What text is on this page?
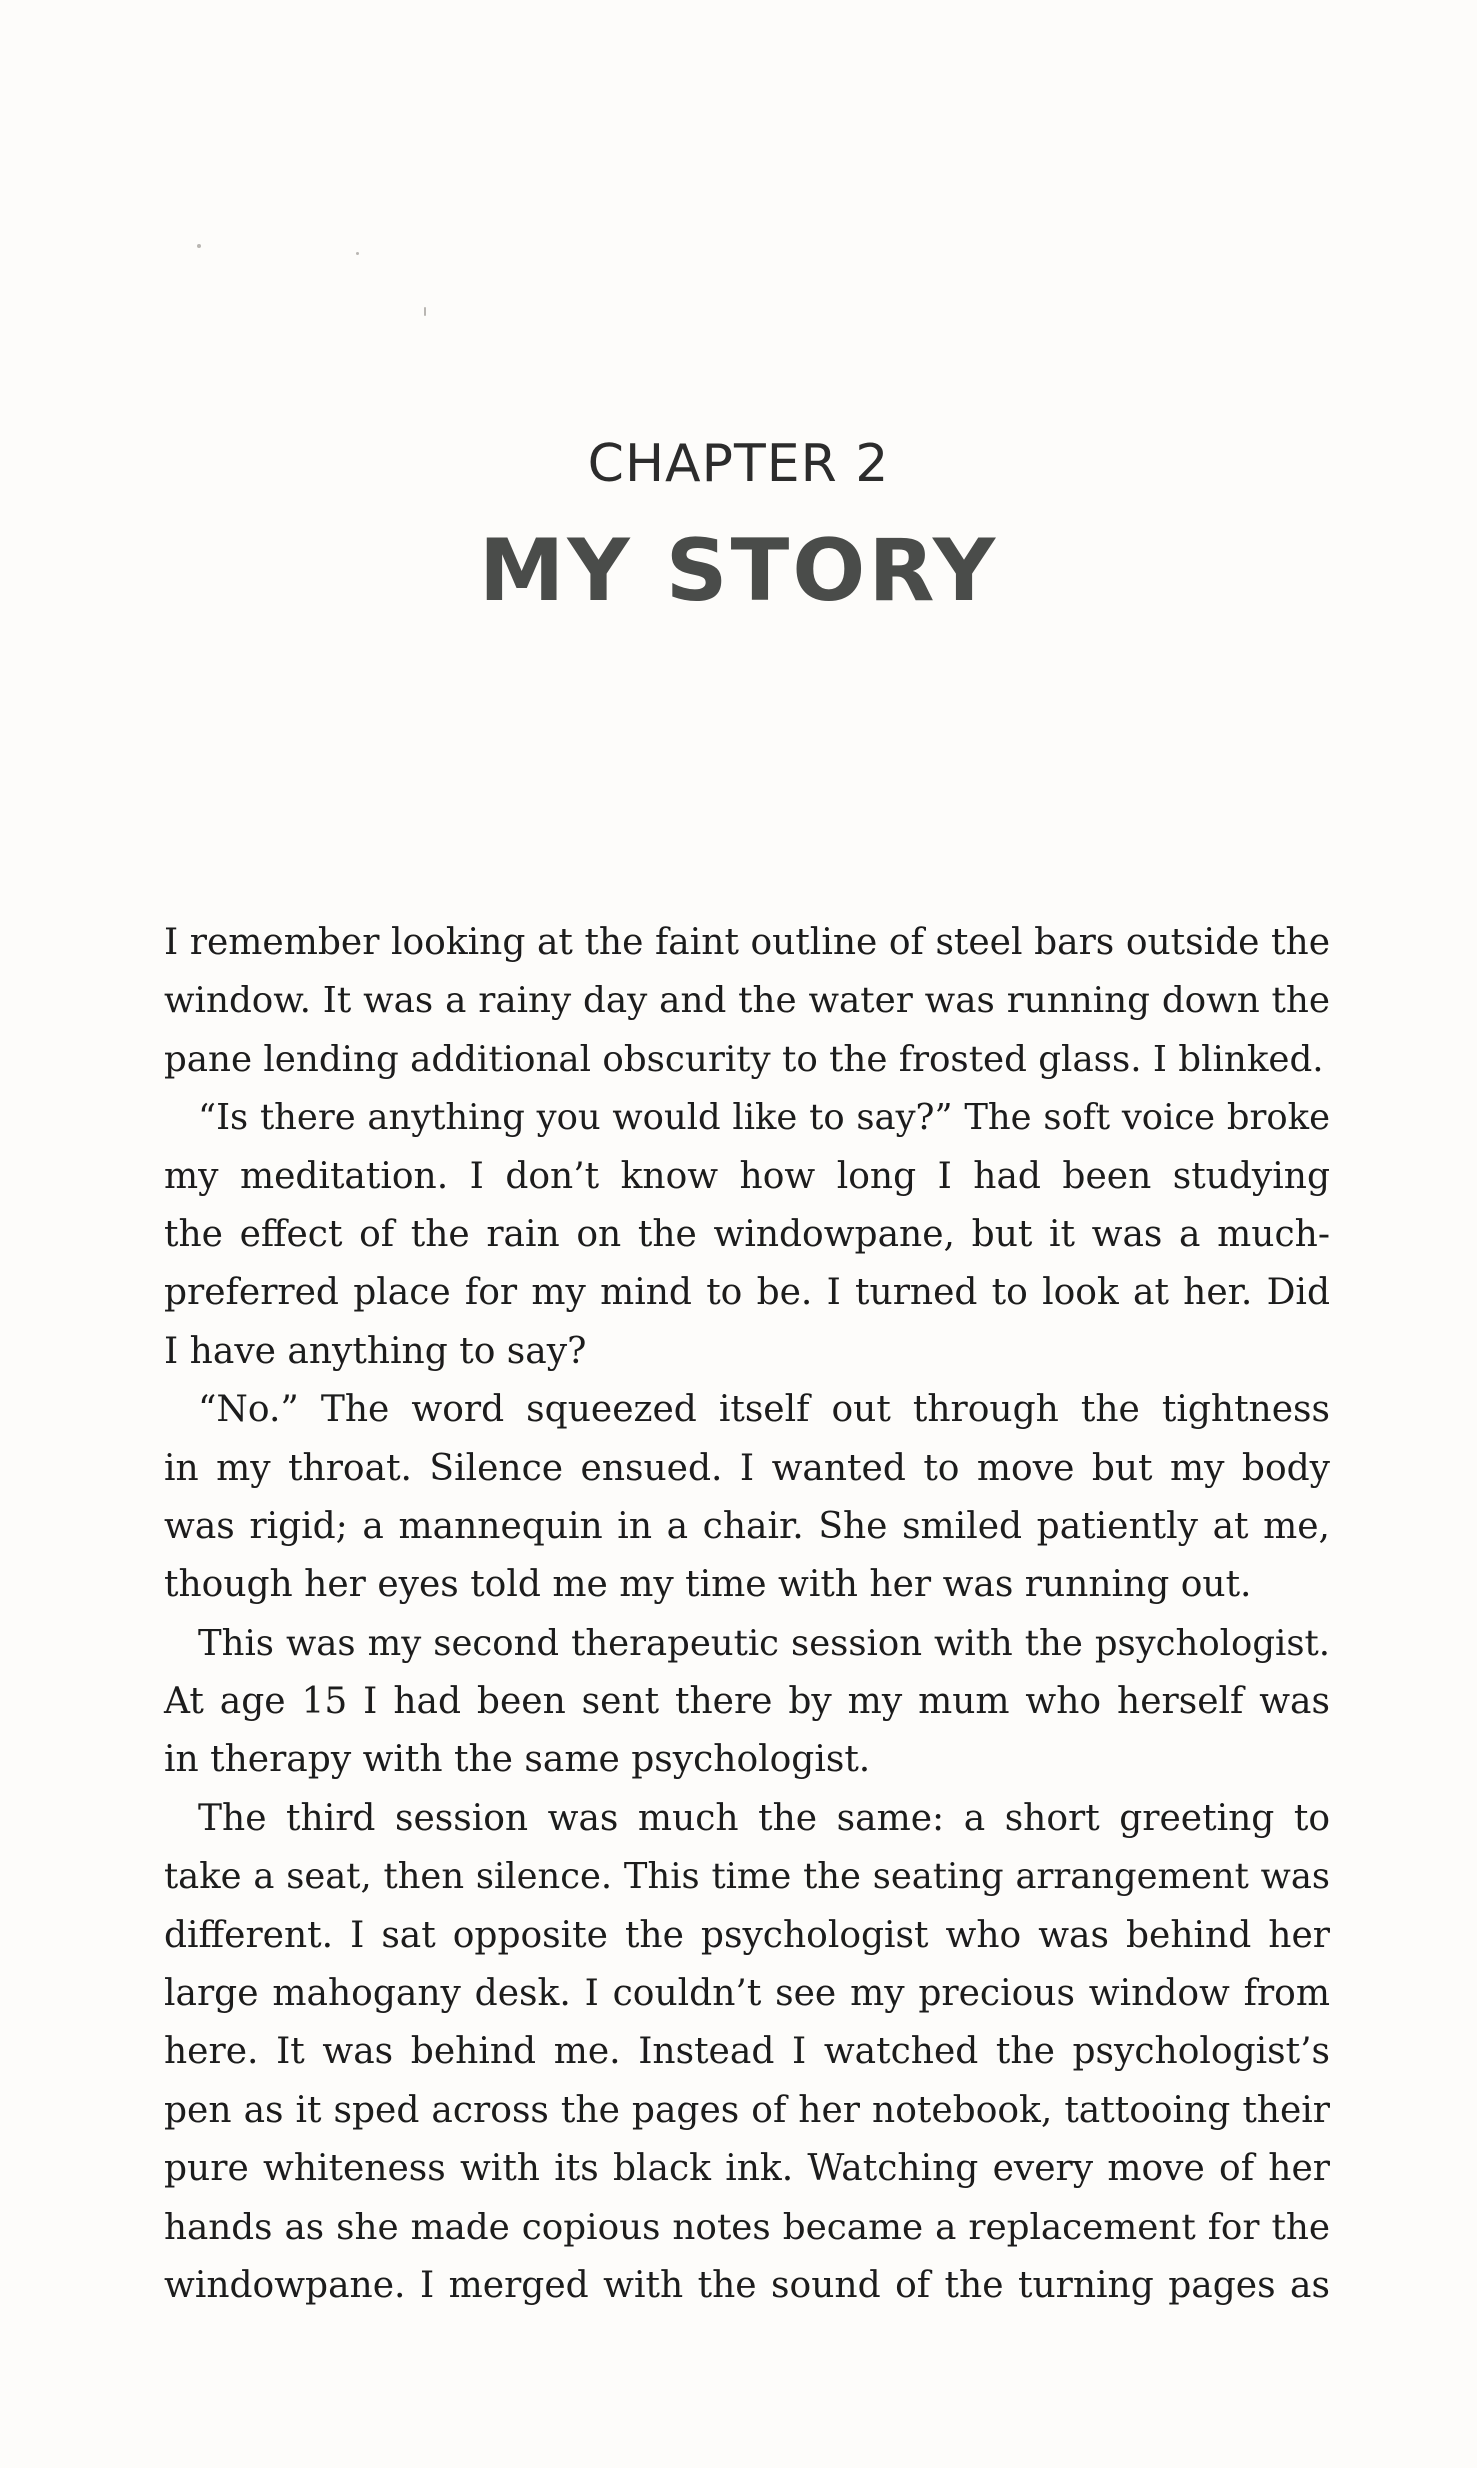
CHAPTER 2
MY STORY
I remember looking at the faint outline of steel bars outside the
window. It was a rainy day and the water was running down the
pane lending additional obscurity to the frosted glass. I blinked.
“Is there anything you would like to say?” The soft voice broke
my meditation. I don’t know how long I had been studying
the effect of the rain on the windowpane, but it was a much-
preferred place for my mind to be. I turned to look at her. Did
I have anything to say?
“No.” The word squeezed itself out through the tightness
in my throat. Silence ensued. I wanted to move but my body
was rigid; a mannequin in a chair. She smiled patiently at me,
though her eyes told me my time with her was running out.
This was my second therapeutic session with the psychologist.
At age 15 I had been sent there by my mum who herself was
in therapy with the same psychologist.
The third session was much the same: a short greeting to
take a seat, then silence. This time the seating arrangement was
different. I sat opposite the psychologist who was behind her
large mahogany desk. I couldn’t see my precious window from
here. It was behind me. Instead I watched the psychologist’s
pen as it sped across the pages of her notebook, tattooing their
pure whiteness with its black ink. Watching every move of her
hands as she made copious notes became a replacement for the
windowpane. I merged with the sound of the turning pages as
